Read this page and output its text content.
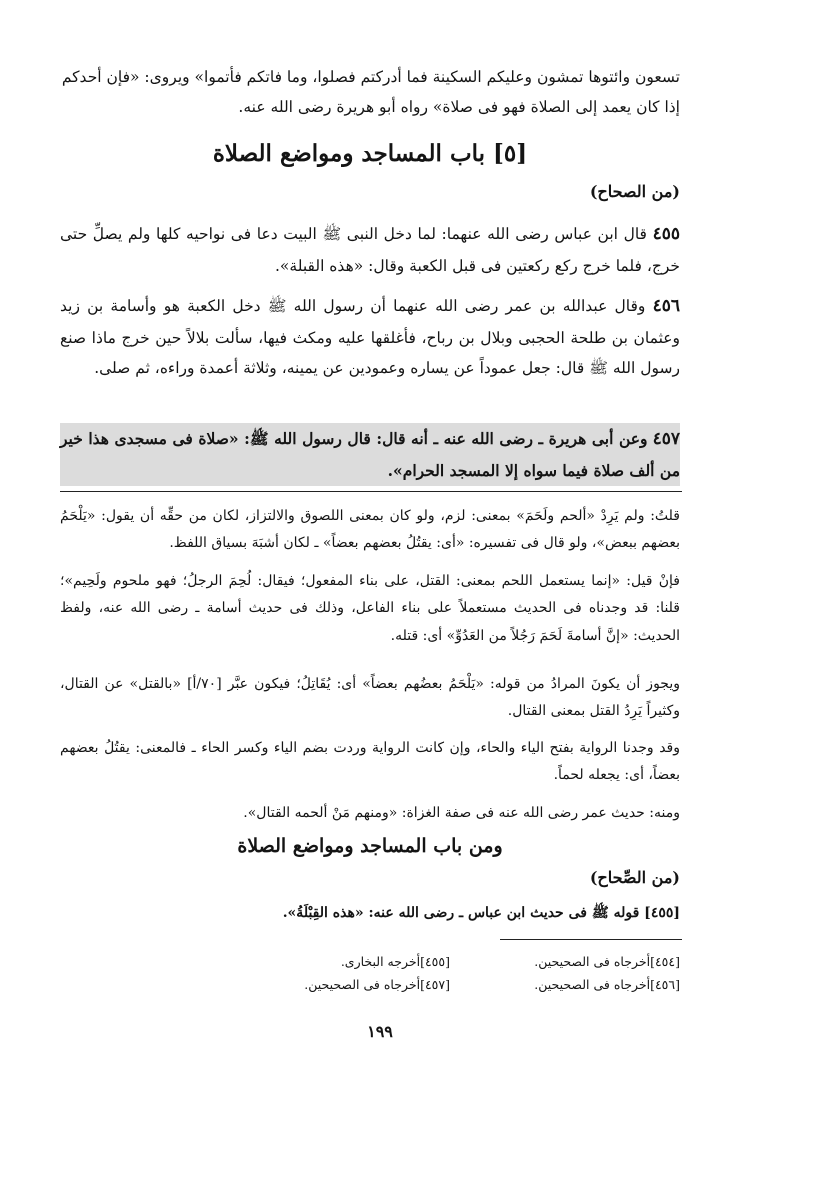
تسعون وائتوها تمشون وعليكم السكينة فما أدركتم فصلوا، وما فاتكم فأتموا» ويروى: «فإن أحدكم
إذا كان يعمد إلى الصلاة فهو فى صلاة» رواه أبو هريرة رضى الله عنه.
[٥] باب المساجد ومواضع الصلاة
(من الصحاح)
٤٥٥ قال ابن عباس رضى الله عنهما: لما دخل النبى ﷺ البيت دعا فى نواحيه كلها ولم يصلِّ حتى خرج، فلما خرج ركع ركعتين فى قبل الكعبة وقال: «هذه القبلة».
٤٥٦ وقال عبدالله بن عمر رضى الله عنهما أن رسول الله ﷺ دخل الكعبة هو وأسامة بن زيد وعثمان بن طلحة الحجبى وبلال بن رباح، فأغلقها عليه ومكث فيها، سألت بلالاً حين خرج ماذا صنع رسول الله ﷺ قال: جعل عموداً عن يساره وعمودين عن يمينه، وثلاثة أعمدة وراءه، ثم صلى.
٤٥٧ وعن أبى هريرة ـ رضى الله عنه ـ أنه قال: قال رسول الله ﷺ: «صلاة فى مسجدى هذا خير من ألف صلاة فيما سواه إلا المسجد الحرام».
قلتُ: ولم يَرِدْ «ألحم ولَحَمَ» بمعنى: لزم، ولو كان بمعنى اللصوق والالتزاز، لكان من حقِّه أن يقول: «يَلْحَمُ بعضهم ببعض»، ولو قال فى تفسيره: «أى: يقتُلُ بعضهم بعضاً» ـ لكان أشبَهَ بسياق اللفظ.
فإنْ قيل: «إنما يستعمل اللحم بمعنى: القتل، على بناء المفعول؛ فيقال: لُحِمَ الرجلُ؛ فهو ملحوم ولَحِيم»؛ قلنا: قد وجدناه فى الحديث مستعملاً على بناء الفاعل، وذلك فى حديث أسامة ـ رضى الله عنه، ولفظ الحديث: «إنَّ أسامةَ لَحَمَ رَجُلاً من العَدُوِّ» أى: قتله.
ويجوز أن يكونَ المرادُ من قوله: «يَلْحَمُ بعضُهم بعضاً» أى: يُقَاتِلُ؛ فيكون عبَّر [٧٠/أ] «بالقتل» عن القتال، وكثيراً يَرِدُ القتل بمعنى القتال.
وقد وجدنا الرواية بفتح الياء والحاء، وإن كانت الرواية وردت بضم الياء وكسر الحاء ـ فالمعنى: يقتُلُ بعضهم بعضاً، أى: يجعله لحماً.
ومنه: حديث عمر رضى الله عنه فى صفة الغزاة: «ومنهم مَنْ ألحمه القتال».
ومن باب المساجد ومواضع الصلاة
(من الصِّحاح)
[٤٥٥] قوله ﷺ فى حديث ابن عباس ـ رضى الله عنه: «هذه القِبْلَةُ».
[٤٥٤]أخرجاه فى الصحيحين.
[٤٥٥]أخرجه البخارى.
[٤٥٦]أخرجاه فى الصحيحين.
[٤٥٧]أخرجاه فى الصحيحين.
١٩٩
